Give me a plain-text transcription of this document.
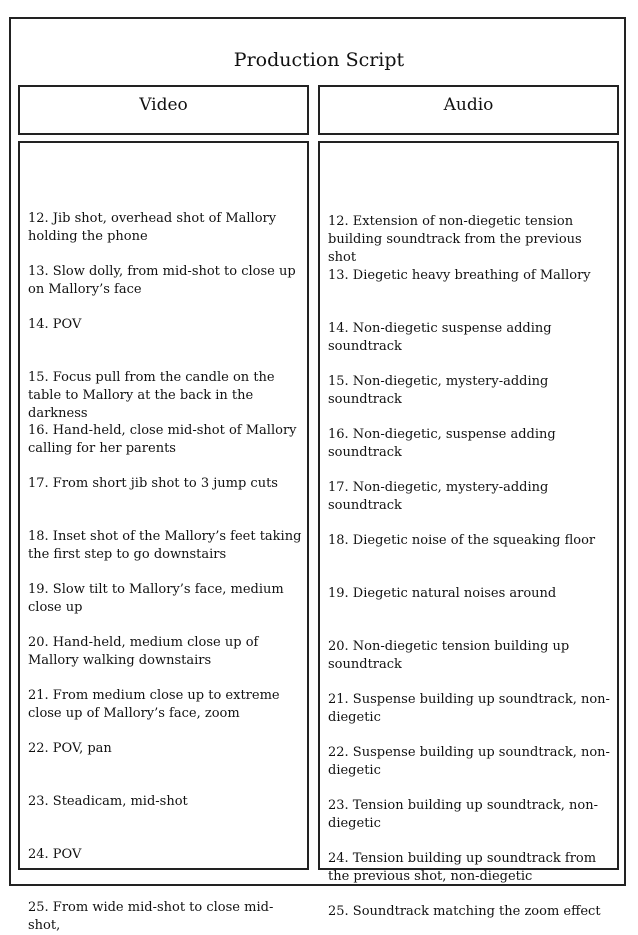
Production Script
Video
12. Jib shot, overhead shot of Mallory holding the phone
13. Slow dolly, from mid-shot to close up on Mallory’s face
14. POV
15. Focus pull from the candle on the table to Mallory at the back in the darkness
16. Hand-held, close mid-shot of Mallory calling for her parents
17. From short jib shot to 3 jump cuts
18. Inset shot of the Mallory’s feet taking the first step to go downstairs
19. Slow tilt to Mallory’s face, medium close up
20. Hand-held, medium close up of Mallory walking downstairs
21. From medium close up to extreme close up of Mallory’s face, zoom
22. POV, pan
23. Steadicam, mid-shot
24. POV
25. From wide mid-shot to close mid-shot,
Audio
12. Extension of non-diegetic tension building soundtrack from the previous shot
13. Diegetic heavy breathing of Mallory
14. Non-diegetic suspense adding soundtrack
15. Non-diegetic, mystery-adding soundtrack
16. Non-diegetic, suspense adding soundtrack
17. Non-diegetic, mystery-adding soundtrack
18. Diegetic noise of the squeaking floor
19. Diegetic natural noises around
20. Non-diegetic tension building up soundtrack
21. Suspense building up soundtrack, non-diegetic
22. Suspense building up soundtrack, non-diegetic
23. Tension building up soundtrack, non-diegetic
24. Tension building up soundtrack from the previous shot, non-diegetic
25. Soundtrack matching the zoom effect
